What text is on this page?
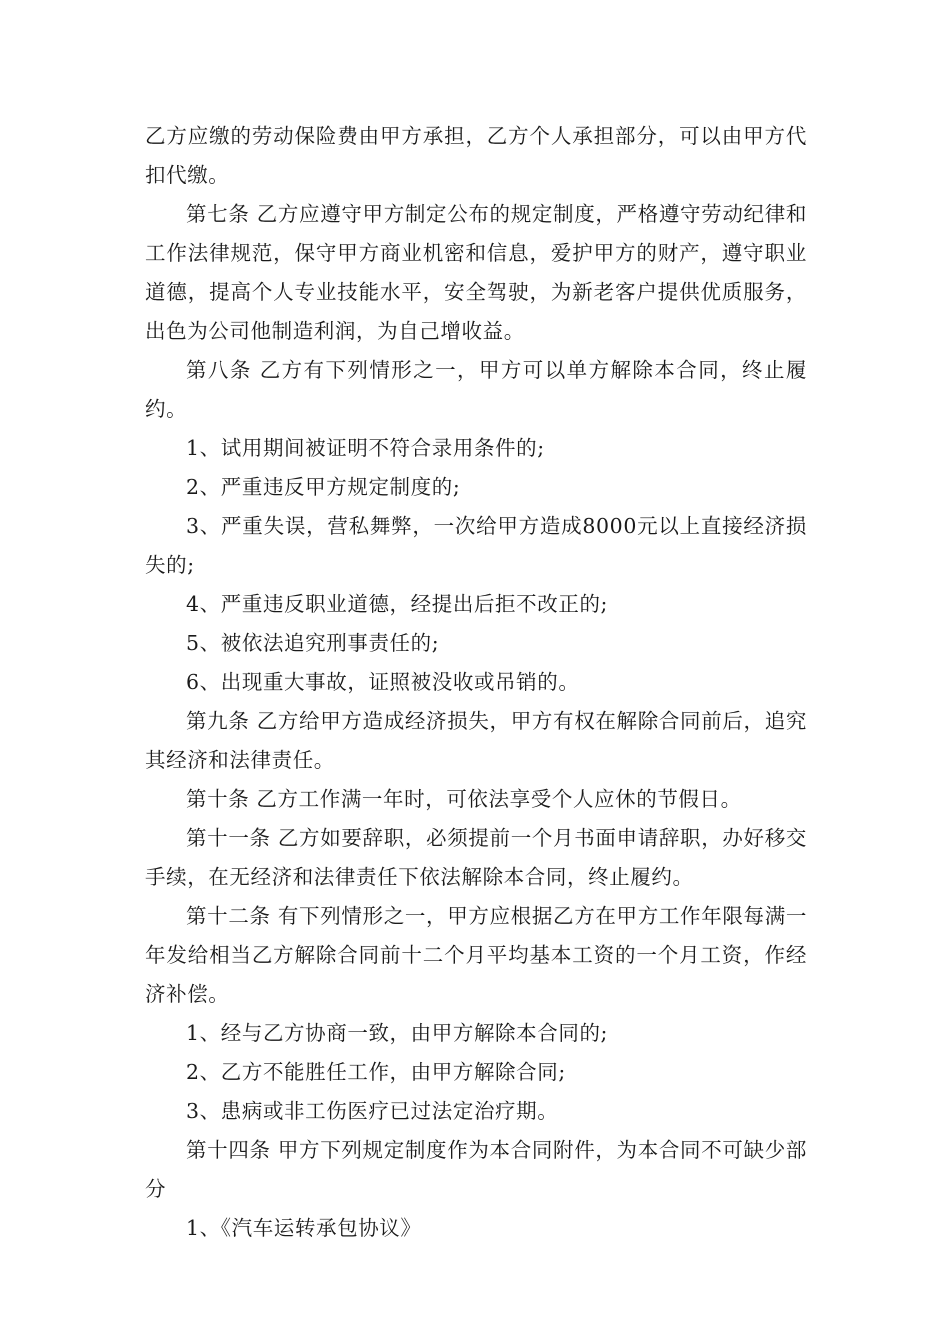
乙方应缴的劳动保险费由甲方承担，乙方个人承担部分，可以由甲方代扣代缴。

第七条 乙方应遵守甲方制定公布的规定制度，严格遵守劳动纪律和工作法律规范，保守甲方商业机密和信息，爱护甲方的财产，遵守职业道德，提高个人专业技能水平，安全驾驶，为新老客户提供优质服务，出色为公司他制造利润，为自己增收益。

第八条 乙方有下列情形之一，甲方可以单方解除本合同，终止履约。

1、试用期间被证明不符合录用条件的;

2、严重违反甲方规定制度的;

3、严重失误，营私舞弊，一次给甲方造成8000元以上直接经济损失的;

4、严重违反职业道德，经提出后拒不改正的;

5、被依法追究刑事责任的;

6、出现重大事故，证照被没收或吊销的。

第九条 乙方给甲方造成经济损失，甲方有权在解除合同前后，追究其经济和法律责任。

第十条 乙方工作满一年时，可依法享受个人应休的节假日。

第十一条 乙方如要辞职，必须提前一个月书面申请辞职，办好移交手续，在无经济和法律责任下依法解除本合同，终止履约。

第十二条 有下列情形之一，甲方应根据乙方在甲方工作年限每满一年发给相当乙方解除合同前十二个月平均基本工资的一个月工资，作经济补偿。

1、经与乙方协商一致，由甲方解除本合同的;

2、乙方不能胜任工作，由甲方解除合同;

3、患病或非工伤医疗已过法定治疗期。

第十四条 甲方下列规定制度作为本合同附件，为本合同不可缺少部分

1、《汽车运转承包协议》
